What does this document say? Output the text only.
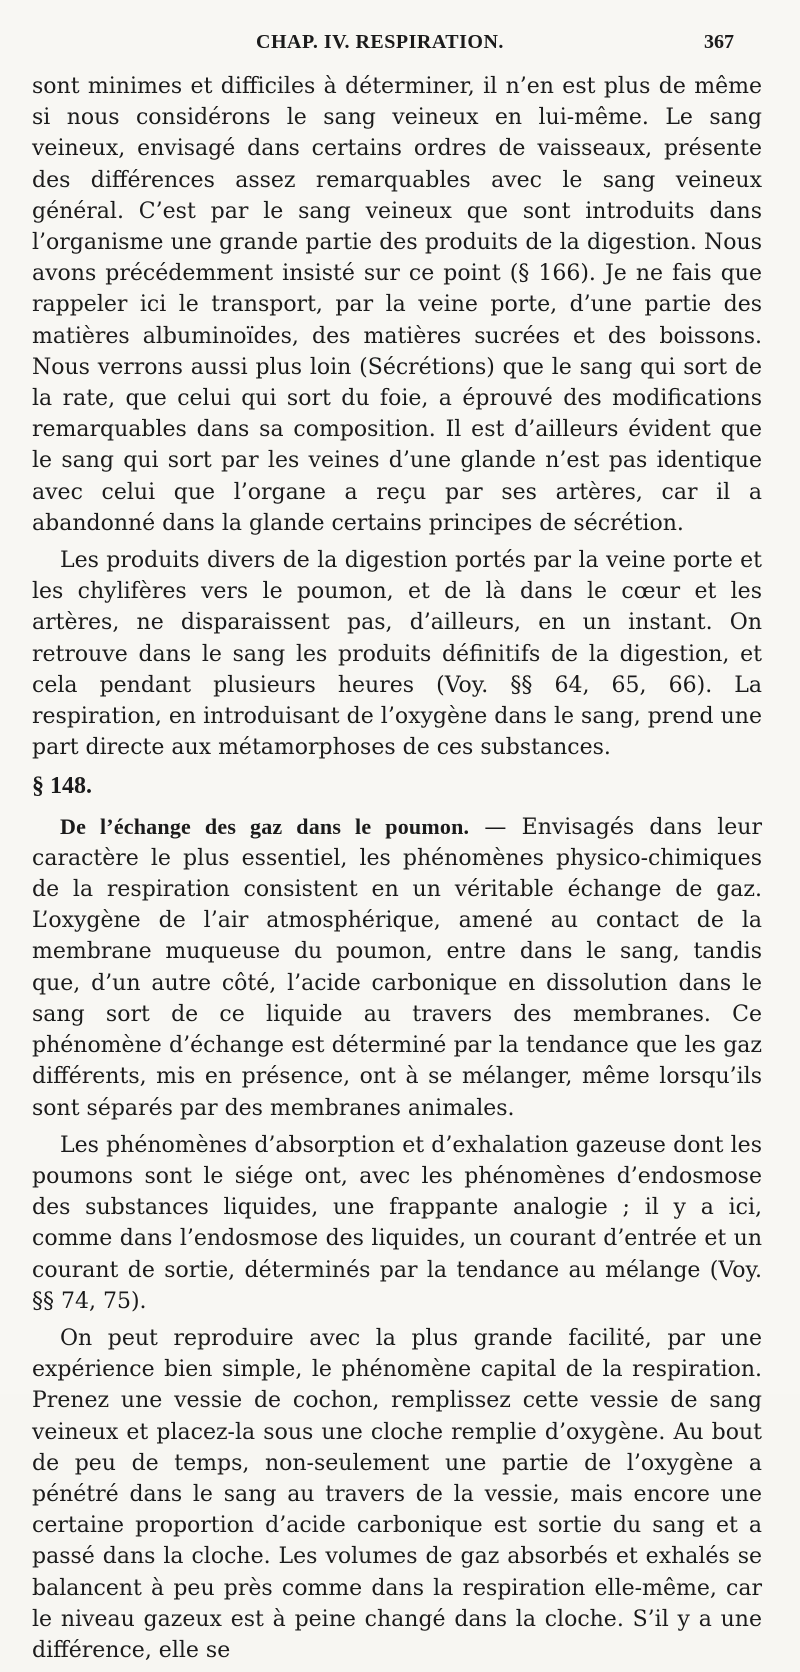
CHAP. IV. RESPIRATION.	367

sont minimes et difficiles à déterminer, il n’en est plus de même si nous considérons le sang veineux en lui-même. Le sang veineux, envisagé dans certains ordres de vaisseaux, présente des différences assez remarquables avec le sang veineux général. C’est par le sang veineux que sont introduits dans l’organisme une grande partie des produits de la digestion. Nous avons précédemment insisté sur ce point (§ 166). Je ne fais que rappeler ici le transport, par la veine porte, d’une partie des matières albuminoïdes, des matières sucrées et des boissons. Nous verrons aussi plus loin (Sécrétions) que le sang qui sort de la rate, que celui qui sort du foie, a éprouvé des modifications remarquables dans sa composition. Il est d’ailleurs évident que le sang qui sort par les veines d’une glande n’est pas identique avec celui que l’organe a reçu par ses artères, car il a abandonné dans la glande certains principes de sécrétion.

Les produits divers de la digestion portés par la veine porte et les chylifères vers le poumon, et de là dans le cœur et les artères, ne disparaissent pas, d’ailleurs, en un instant. On retrouve dans le sang les produits définitifs de la digestion, et cela pendant plusieurs heures (Voy. §§ 64, 65, 66). La respiration, en introduisant de l’oxygène dans le sang, prend une part directe aux métamorphoses de ces substances.

§ 148.

De l’échange des gaz dans le poumon. — Envisagés dans leur caractère le plus essentiel, les phénomènes physico-chimiques de la respiration consistent en un véritable échange de gaz. L’oxygène de l’air atmosphérique, amené au contact de la membrane muqueuse du poumon, entre dans le sang, tandis que, d’un autre côté, l’acide carbonique en dissolution dans le sang sort de ce liquide au travers des membranes. Ce phénomène d’échange est déterminé par la tendance que les gaz différents, mis en présence, ont à se mélanger, même lorsqu’ils sont séparés par des membranes animales.

Les phénomènes d’absorption et d’exhalation gazeuse dont les poumons sont le siége ont, avec les phénomènes d’endosmose des substances liquides, une frappante analogie ; il y a ici, comme dans l’endosmose des liquides, un courant d’entrée et un courant de sortie, déterminés par la tendance au mélange (Voy. §§ 74, 75).

On peut reproduire avec la plus grande facilité, par une expérience bien simple, le phénomène capital de la respiration. Prenez une vessie de cochon, remplissez cette vessie de sang veineux et placez-la sous une cloche remplie d’oxygène. Au bout de peu de temps, non-seulement une partie de l’oxygène a pénétré dans le sang au travers de la vessie, mais encore une certaine proportion d’acide carbonique est sortie du sang et a passé dans la cloche. Les volumes de gaz absorbés et exhalés se balancent à peu près comme dans la respiration elle-même, car le niveau gazeux est à peine changé dans la cloche. S’il y a une différence, elle se
